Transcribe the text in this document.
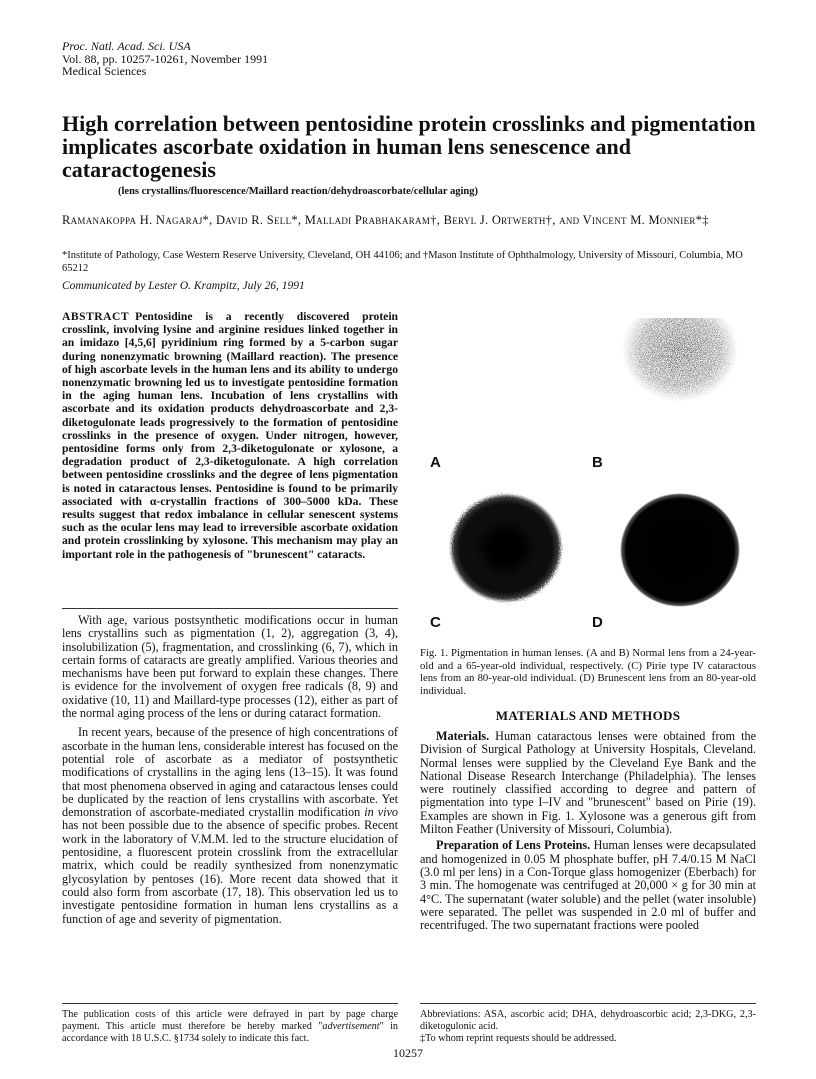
Proc. Natl. Acad. Sci. USA
Vol. 88, pp. 10257-10261, November 1991
Medical Sciences
High correlation between pentosidine protein crosslinks and pigmentation implicates ascorbate oxidation in human lens senescence and cataractogenesis
(lens crystallins/fluorescence/Maillard reaction/dehydroascorbate/cellular aging)
Ramanakoppa H. Nagaraj*, David R. Sell*, Malladi Prabhakaram†, Beryl J. Ortwerth†, and Vincent M. Monnier*‡
*Institute of Pathology, Case Western Reserve University, Cleveland, OH 44106; and †Mason Institute of Ophthalmology, University of Missouri, Columbia, MO 65212
Communicated by Lester O. Krampitz, July 26, 1991
ABSTRACT Pentosidine is a recently discovered protein crosslink, involving lysine and arginine residues linked together in an imidazo [4,5,6] pyridinium ring formed by a 5-carbon sugar during nonenzymatic browning (Maillard reaction). The presence of high ascorbate levels in the human lens and its ability to undergo nonenzymatic browning led us to investigate pentosidine formation in the aging human lens. Incubation of lens crystallins with ascorbate and its oxidation products dehydroascorbate and 2,3-diketogulonate leads progressively to the formation of pentosidine crosslinks in the presence of oxygen. Under nitrogen, however, pentosidine forms only from 2,3-diketogulonate or xylosone, a degradation product of 2,3-diketogulonate. A high correlation between pentosidine crosslinks and the degree of lens pigmentation is noted in cataractous lenses. Pentosidine is found to be primarily associated with α-crystallin fractions of 300–5000 kDa. These results suggest that redox imbalance in cellular senescent systems such as the ocular lens may lead to irreversible ascorbate oxidation and protein crosslinking by xylosone. This mechanism may play an important role in the pathogenesis of "brunescent" cataracts.

With age, various postsynthetic modifications occur in human lens crystallins such as pigmentation (1, 2), aggregation (3, 4), insolubilization (5), fragmentation, and crosslinking (6, 7), which in certain forms of cataracts are greatly amplified. Various theories and mechanisms have been put forward to explain these changes. There is evidence for the involvement of oxygen free radicals (8, 9) and oxidative (10, 11) and Maillard-type processes (12), either as part of the normal aging process of the lens or during cataract formation.

In recent years, because of the presence of high concentrations of ascorbate in the human lens, considerable interest has focused on the potential role of ascorbate as a mediator of postsynthetic modifications of crystallins in the aging lens (13–15). It was found that most phenomena observed in aging and cataractous lenses could be duplicated by the reaction of lens crystallins with ascorbate. Yet demonstration of ascorbate-mediated crystallin modification in vivo has not been possible due to the absence of specific probes. Recent work in the laboratory of V.M.M. led to the structure elucidation of pentosidine, a fluorescent protein crosslink from the extracellular matrix, which could be readily synthesized from nonenzymatic glycosylation by pentoses (16). More recent data showed that it could also form from ascorbate (17, 18). This observation led us to investigate pentosidine formation in human lens crystallins as a function of age and severity of pigmentation.

The publication costs of this article were defrayed in part by page charge payment. This article must therefore be hereby marked "advertisement" in accordance with 18 U.S.C. §1734 solely to indicate this fact.
A	B
C	D
Fig. 1. Pigmentation in human lenses. (A and B) Normal lens from a 24-year-old and a 65-year-old individual, respectively. (C) Pirie type IV cataractous lens from an 80-year-old individual. (D) Brunescent lens from an 80-year-old individual.
MATERIALS AND METHODS

Materials. Human cataractous lenses were obtained from the Division of Surgical Pathology at University Hospitals, Cleveland. Normal lenses were supplied by the Cleveland Eye Bank and the National Disease Research Interchange (Philadelphia). The lenses were routinely classified according to degree and pattern of pigmentation into type I–IV and "brunescent" based on Pirie (19). Examples are shown in Fig. 1. Xylosone was a generous gift from Milton Feather (University of Missouri, Columbia).

Preparation of Lens Proteins. Human lenses were decapsulated and homogenized in 0.05 M phosphate buffer, pH 7.4/0.15 M NaCl (3.0 ml per lens) in a Con-Torque glass homogenizer (Eberbach) for 3 min. The homogenate was centrifuged at 20,000 × g for 30 min at 4°C. The supernatant (water soluble) and the pellet (water insoluble) were separated. The pellet was suspended in 2.0 ml of buffer and recentrifuged. The two supernatant fractions were pooled

Abbreviations: ASA, ascorbic acid; DHA, dehydroascorbic acid; 2,3-DKG, 2,3-diketogulonic acid.
‡To whom reprint requests should be addressed.
10257
